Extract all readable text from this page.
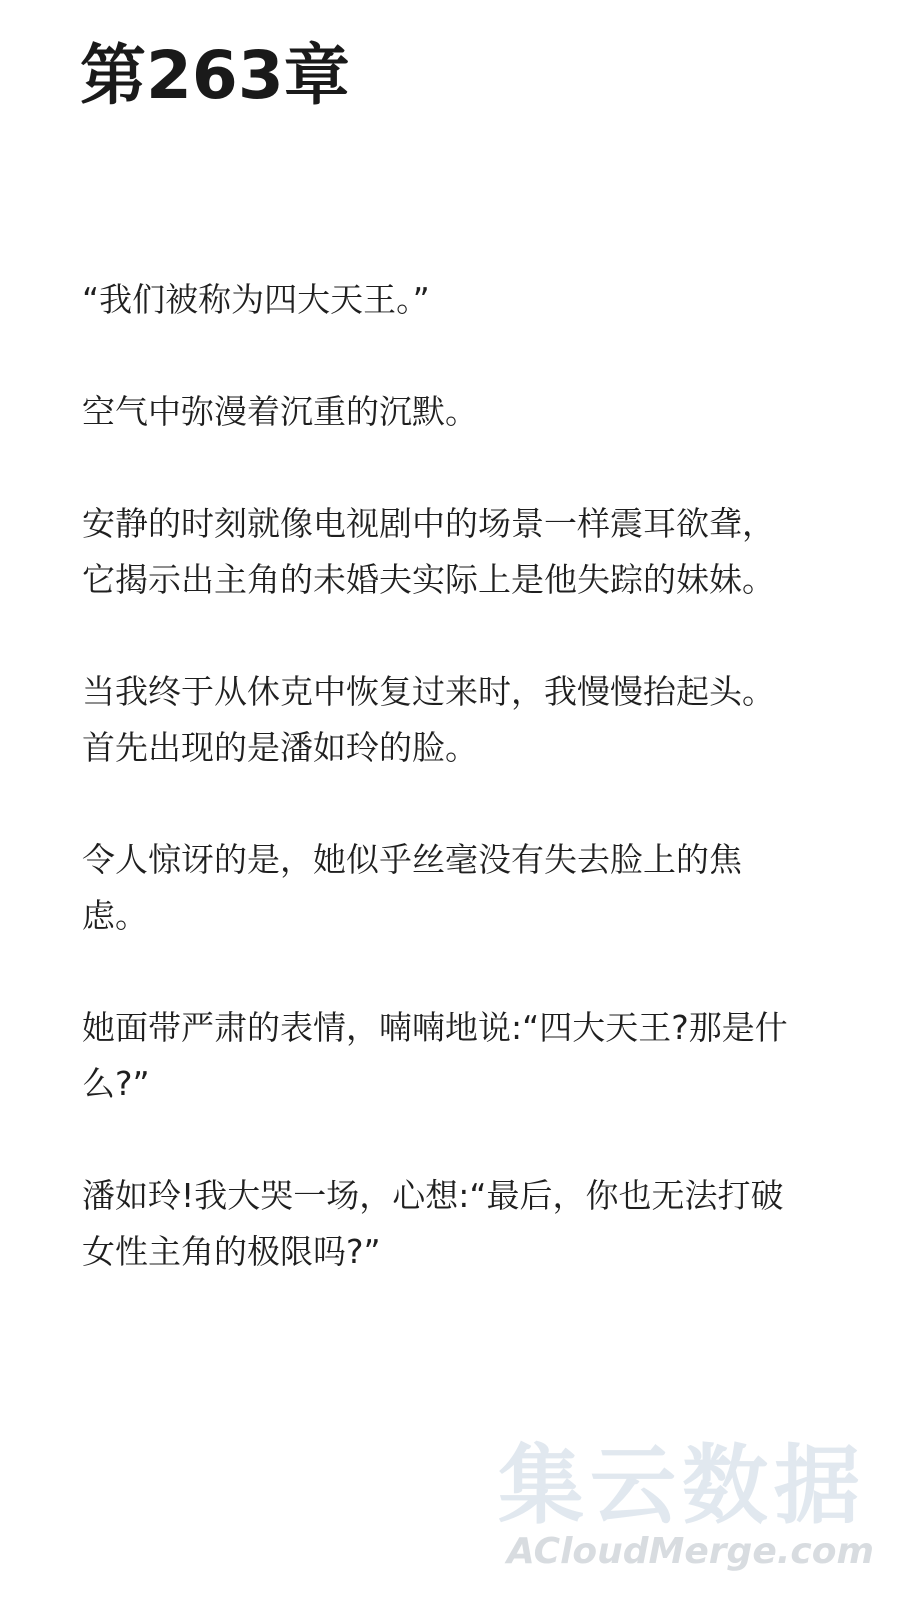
第263章

“我们被称为四大天王。”

空气中弥漫着沉重的沉默。

安静的时刻就像电视剧中的场景一样震耳欲聋，它揭示出主角的未婚夫实际上是他失踪的妹妹。

当我终于从休克中恢复过来时，我慢慢抬起头。首先出现的是潘如玲的脸。

令人惊讶的是，她似乎丝毫没有失去脸上的焦虑。

她面带严肃的表情，喃喃地说:“四大天王?那是什么?”

潘如玲!我大哭一场，心想:“最后，你也无法打破女性主角的极限吗?”

集云数据
ACloudMerge.com
